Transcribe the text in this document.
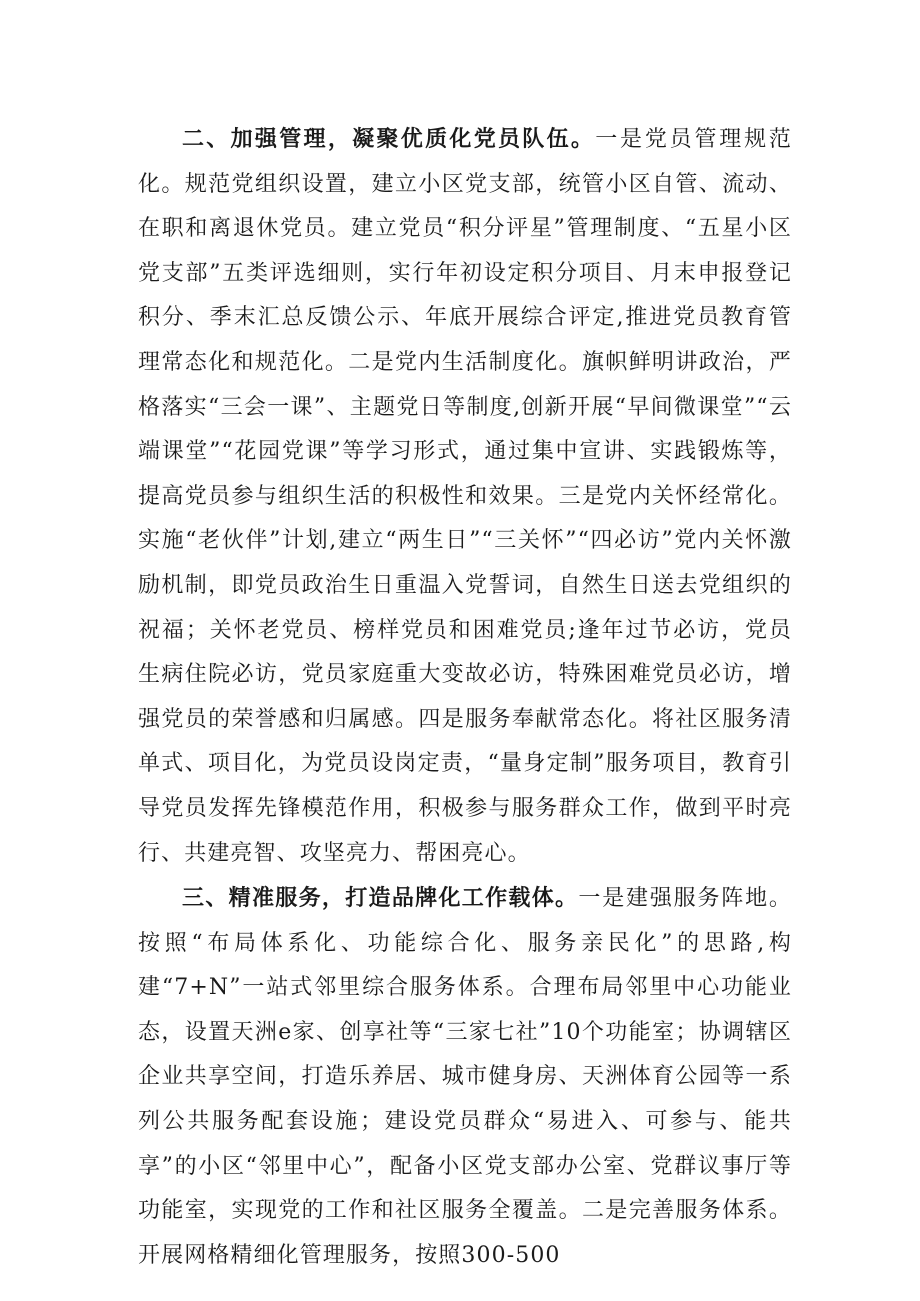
二、加强管理，凝聚优质化党员队伍。一是党员管理规范化。规范党组织设置，建立小区党支部，统管小区自管、流动、在职和离退休党员。建立党员“积分评星”管理制度、“五星小区党支部”五类评选细则，实行年初设定积分项目、月末申报登记积分、季末汇总反馈公示、年底开展综合评定,推进党员教育管理常态化和规范化。二是党内生活制度化。旗帜鲜明讲政治，严格落实“三会一课”、主题党日等制度,创新开展“早间微课堂”“云端课堂”“花园党课”等学习形式，通过集中宣讲、实践锻炼等，提高党员参与组织生活的积极性和效果。三是党内关怀经常化。实施“老伙伴”计划,建立“两生日”“三关怀”“四必访”党内关怀激励机制，即党员政治生日重温入党誓词，自然生日送去党组织的祝福；关怀老党员、榜样党员和困难党员;逢年过节必访，党员生病住院必访，党员家庭重大变故必访，特殊困难党员必访，增强党员的荣誉感和归属感。四是服务奉献常态化。将社区服务清单式、项目化，为党员设岗定责，“量身定制”服务项目，教育引导党员发挥先锋模范作用，积极参与服务群众工作，做到平时亮行、共建亮智、攻坚亮力、帮困亮心。

三、精准服务，打造品牌化工作载体。一是建强服务阵地。按照“布局体系化、功能综合化、服务亲民化”的思路,构建“7+N”一站式邻里综合服务体系。合理布局邻里中心功能业态，设置天洲e家、创享社等“三家七社”10个功能室；协调辖区企业共享空间，打造乐养居、城市健身房、天洲体育公园等一系列公共服务配套设施；建设党员群众“易进入、可参与、能共享”的小区“邻里中心”，配备小区党支部办公室、党群议事厅等功能室，实现党的工作和社区服务全覆盖。二是完善服务体系。开展网格精细化管理服务，按照300-500
